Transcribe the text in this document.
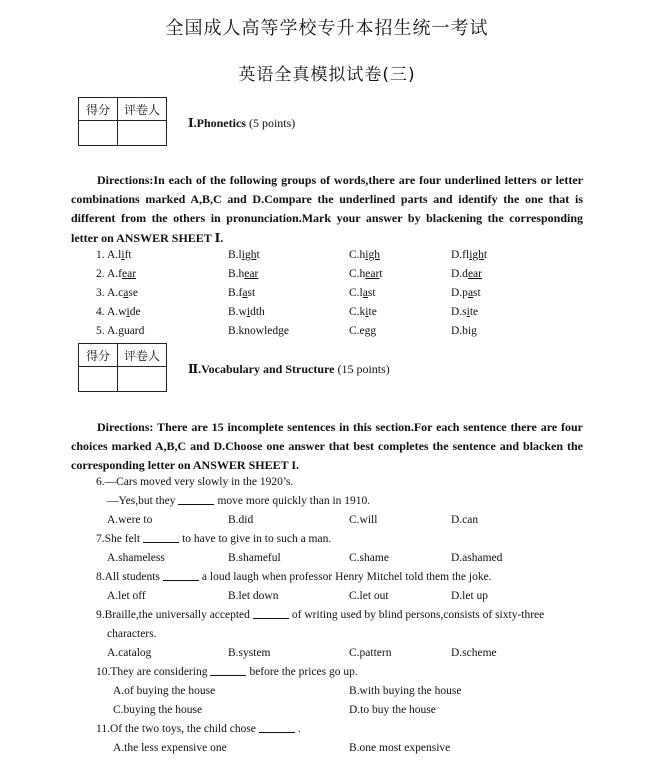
全国成人高等学校专升本招生统一考试
英语全真模拟试卷(三)
得分	评卷人

Ⅰ.Phonetics (5 points)
Directions:In each of the following groups of words,there are four underlined letters or letter combinations marked A,B,C and D.Compare the underlined parts and identify the one that is different from the others in pronunciation.Mark your answer by blackening the corresponding letter on ANSWER SHEET Ⅰ.
1. A.lift	B.light	C.high	D.flight
2. A.fear	B.hear	C.heart	D.dear
3. A.case	B.fast	C.last	D.past
4. A.wide	B.width	C.kite	D.site
5. A.guard	B.knowledge	C.egg	D.big
得分	评卷人

Ⅱ.Vocabulary and Structure (15 points)
Directions: There are 15 incomplete sentences in this section.For each sentence there are four choices marked A,B,C and D.Choose one answer that best completes the sentence and blacken the corresponding letter on ANSWER SHEET I.
6.—Cars moved very slowly in the 1920’s.
—Yes,but they	move more quickly than in 1910.
A.were to	B.did	C.will	D.can
7.She felt	to have to give in to such a man.
A.shameless	B.shameful	C.shame	D.ashamed
8.All students	a loud laugh when professor Henry Mitchel told them the joke.
A.let off	B.let down	C.let out	D.let up
9.Braille,the universally accepted	of writing used by blind persons,consists of sixty-three
characters.
A.catalog	B.system	C.pattern	D.scheme
10.They are considering	before the prices go up.
A.of buying the house	B.with buying the house
C.buying the house	D.to buy the house
11.Of the two toys, the child chose	.
A.the less expensive one	B.one most expensive
